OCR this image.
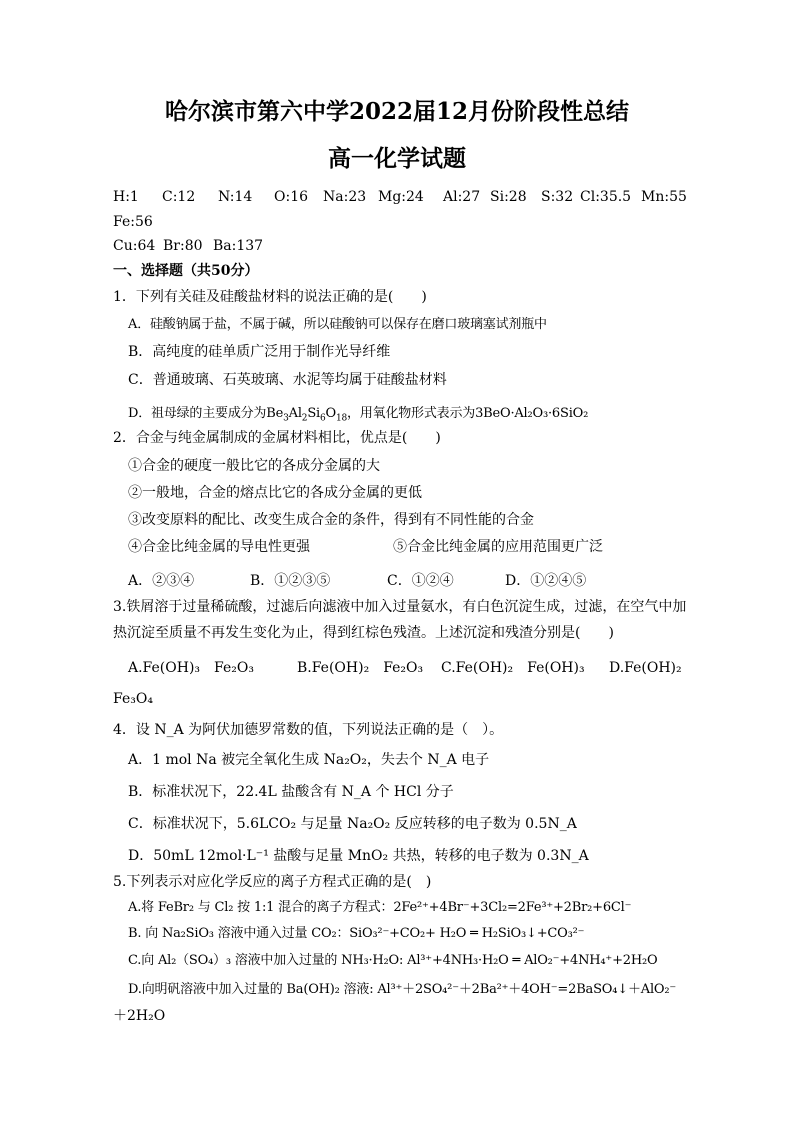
哈尔滨市第六中学2022届12月份阶段性总结
高一化学试题
H:1 C:12 N:14 O:16 Na:23 Mg:24 Al:27 Si:28 S:32 Cl:35.5 Mn:55
Fe:56
Cu:64 Br:80 Ba:137
一、选择题（共50分）
1．下列有关硅及硅酸盐材料的说法正确的是(　　)
A．硅酸钠属于盐，不属于碱，所以硅酸钠可以保存在磨口玻璃塞试剂瓶中
B．高纯度的硅单质广泛用于制作光导纤维
C．普通玻璃、石英玻璃、水泥等均属于硅酸盐材料
D．祖母绿的主要成分为$Be_3Al_2Si_6O_{18}$，用氧化物形式表示为3BeO·Al₂O₃·6SiO₂
2．合金与纯金属制成的金属材料相比，优点是(　　)
①合金的硬度一般比它的各成分金属的大
②一般地，合金的熔点比它的各成分金属的更低
③改变原料的配比、改变生成合金的条件，得到有不同性能的合金
④合金比纯金属的导电性更强	⑤合金比纯金属的应用范围更广泛
A．②③④	B．①②③⑤	C．①②④	D．①②④⑤
3.铁屑溶于过量稀硫酸，过滤后向滤液中加入过量氨水，有白色沉淀生成，过滤，在空气中加
热沉淀至质量不再发生变化为止，得到红棕色残渣。上述沉淀和残渣分别是(　　)
A.Fe(OH)₃　Fe₂O₃	B.Fe(OH)₂　Fe₂O₃ C.Fe(OH)₂　Fe(OH)₃ D.Fe(OH)₂
Fe₃O₄
4．设 N_A 为阿伏加德罗常数的值，下列说法正确的是（　）。
A．1 mol Na 被完全氧化生成 Na₂O₂，失去个 N_A 电子
B．标准状况下，22.4L 盐酸含有 N_A 个 HCl 分子
C．标准状况下，5.6LCO₂ 与足量 Na₂O₂ 反应转移的电子数为 0.5N_A
D．50mL 12mol·L⁻¹ 盐酸与足量 MnO₂ 共热，转移的电子数为 0.3N_A
5.下列表示对应化学反应的离子方程式正确的是(　)
A.将 FeBr₂ 与 Cl₂ 按 1:1 混合的离子方程式：2Fe²⁺+4Br⁻+3Cl₂=2Fe³⁺+2Br₂+6Cl⁻
B. 向 Na₂SiO₃ 溶液中通入过量 CO₂：SiO₃²⁻+CO₂+ H₂O ═ H₂SiO₃↓+CO₃²⁻
C.向 Al₂（SO₄）₃ 溶液中加入过量的 NH₃·H₂O: Al³⁺+4NH₃·H₂O ═ AlO₂⁻+4NH₄⁺+2H₂O
D.向明矾溶液中加入过量的 Ba(OH)₂ 溶液: Al³⁺＋2SO₄²⁻＋2Ba²⁺＋4OH⁻=2BaSO₄↓＋AlO₂⁻
＋2H₂O
